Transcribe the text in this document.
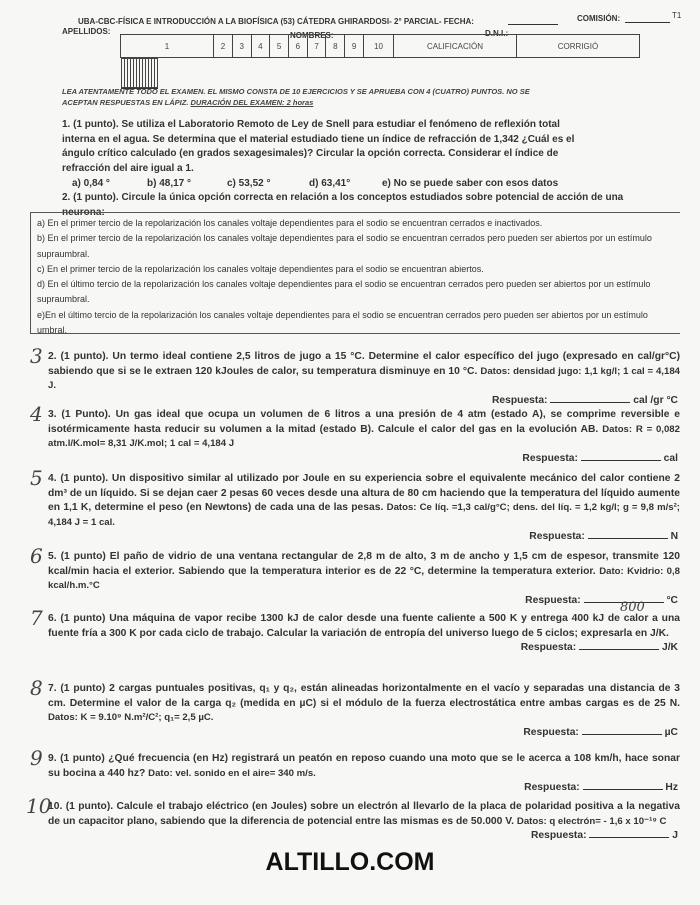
UBA-CBC-FÍSICA E INTRODUCCIÓN A LA BIOFÍSICA (53) CÁTEDRA GHIRARDOSI- 2° PARCIAL- FECHA:	COMISIÓN:	T1
APELLIDOS:	NOMBRES:	D.N.I.:
1	2	3	4	5	6	7	8	9	10	CALIFICACIÓN	CORRIGIÓ

LEA ATENTAMENTE TODO EL EXAMEN. EL MISMO CONSTA DE 10 EJERCICIOS Y SE APRUEBA CON 4 (CUATRO) PUNTOS. NO SE
ACEPTAN RESPUESTAS EN LÁPIZ. DURACIÓN DEL EXAMEN: 2 horas
1. (1 punto). Se utiliza el Laboratorio Remoto de Ley de Snell para estudiar el fenómeno de reflexión total interna en el agua. Se determina que el material estudiado tiene un índice de refracción de 1,342 ¿Cuál es el ángulo crítico calculado (en grados sexagesimales)? Circular la opción correcta. Considerar el índice de refracción del aire igual a 1.
a) 0,84 °	b) 48,17 °	c) 53,52 °	d) 63,41°	e) No se puede saber con esos datos
2. (1 punto). Circule la única opción correcta en relación a los conceptos estudiados sobre potencial de acción de una neurona:
a) En el primer tercio de la repolarización los canales voltaje dependientes para el sodio se encuentran cerrados e inactivados.
b) En el primer tercio de la repolarización los canales voltaje dependientes para el sodio se encuentran cerrados pero pueden ser abiertos por un estímulo supraumbral.
c) En el primer tercio de la repolarización los canales voltaje dependientes para el sodio se encuentran abiertos.
d) En el último tercio de la repolarización los canales voltaje dependientes para el sodio se encuentran cerrados pero pueden ser abiertos por un estímulo supraumbral.
e)En el último tercio de la repolarización los canales voltaje dependientes para el sodio se encuentran cerrados pero pueden ser abiertos por un estímulo umbral.
3 2. (1 punto). Un termo ideal contiene 2,5 litros de jugo a 15 °C. Determine el calor específico del jugo (expresado en cal/gr°C) sabiendo que si se le extraen 120 kJoules de calor, su temperatura disminuye en 10 °C. Datos: densidad jugo: 1,1 kg/l; 1 cal = 4,184 J.
Respuesta:	cal /gr °C
4 3. (1 Punto). Un gas ideal que ocupa un volumen de 6 litros a una presión de 4 atm (estado A), se comprime reversible e isotérmicamente hasta reducir su volumen a la mitad (estado B). Calcule el calor del gas en la evolución AB. Datos: R = 0,082 atm.l/K.mol= 8,31 J/K.mol; 1 cal = 4,184 J
Respuesta:	cal
5 4. (1 punto). Un dispositivo similar al utilizado por Joule en su experiencia sobre el equivalente mecánico del calor contiene 2 dm³ de un líquido. Si se dejan caer 2 pesas 60 veces desde una altura de 80 cm haciendo que la temperatura del líquido aumente en 1,1 K, determine el peso (en Newtons) de cada una de las pesas. Datos: Ce líq. =1,3 cal/g°C; dens. del líq. = 1,2 kg/l; g = 9,8 m/s²; 4,184 J = 1 cal.
Respuesta:	N
6 5. (1 punto) El paño de vidrio de una ventana rectangular de 2,8 m de alto, 3 m de ancho y 1,5 cm de espesor, transmite 120 kcal/min hacia el exterior. Sabiendo que la temperatura interior es de 22 °C, determine la temperatura exterior. Dato: Kvidrio: 0,8 kcal/h.m.°C
Respuesta:	°C
7 6. (1 punto) Una máquina de vapor recibe 1300 kJ de calor desde una fuente caliente a 500 K y entrega 400 kJ de calor a una fuente fría a 300 K por cada ciclo de trabajo. Calcular la variación de entropía del universo luego de 5 ciclos; expresarla en J/K.
Respuesta:	J/K
800
8 7. (1 punto) 2 cargas puntuales positivas, q₁ y q₂, están alineadas horizontalmente en el vacío y separadas una distancia de 3 cm. Determine el valor de la carga q₂ (medida en µC) si el módulo de la fuerza electrostática entre ambas cargas es de 25 N. Datos: K = 9.10⁹ N.m²/C²; q₁= 2,5 µC.
Respuesta:	µC
9 9. (1 punto) ¿Qué frecuencia (en Hz) registrará un peatón en reposo cuando una moto que se le acerca a 108 km/h, hace sonar su bocina a 440 hz? Dato: vel. sonido en el aire= 340 m/s.
Respuesta:	Hz
10
10. (1 punto). Calcule el trabajo eléctrico (en Joules) sobre un electrón al llevarlo de la placa de polaridad positiva a la negativa de un capacitor plano, sabiendo que la diferencia de potencial entre las mismas es de 50.000 V. Datos: q electrón= - 1,6 x 10⁻¹⁹ C
Respuesta:	J
ALTILLO.COM
